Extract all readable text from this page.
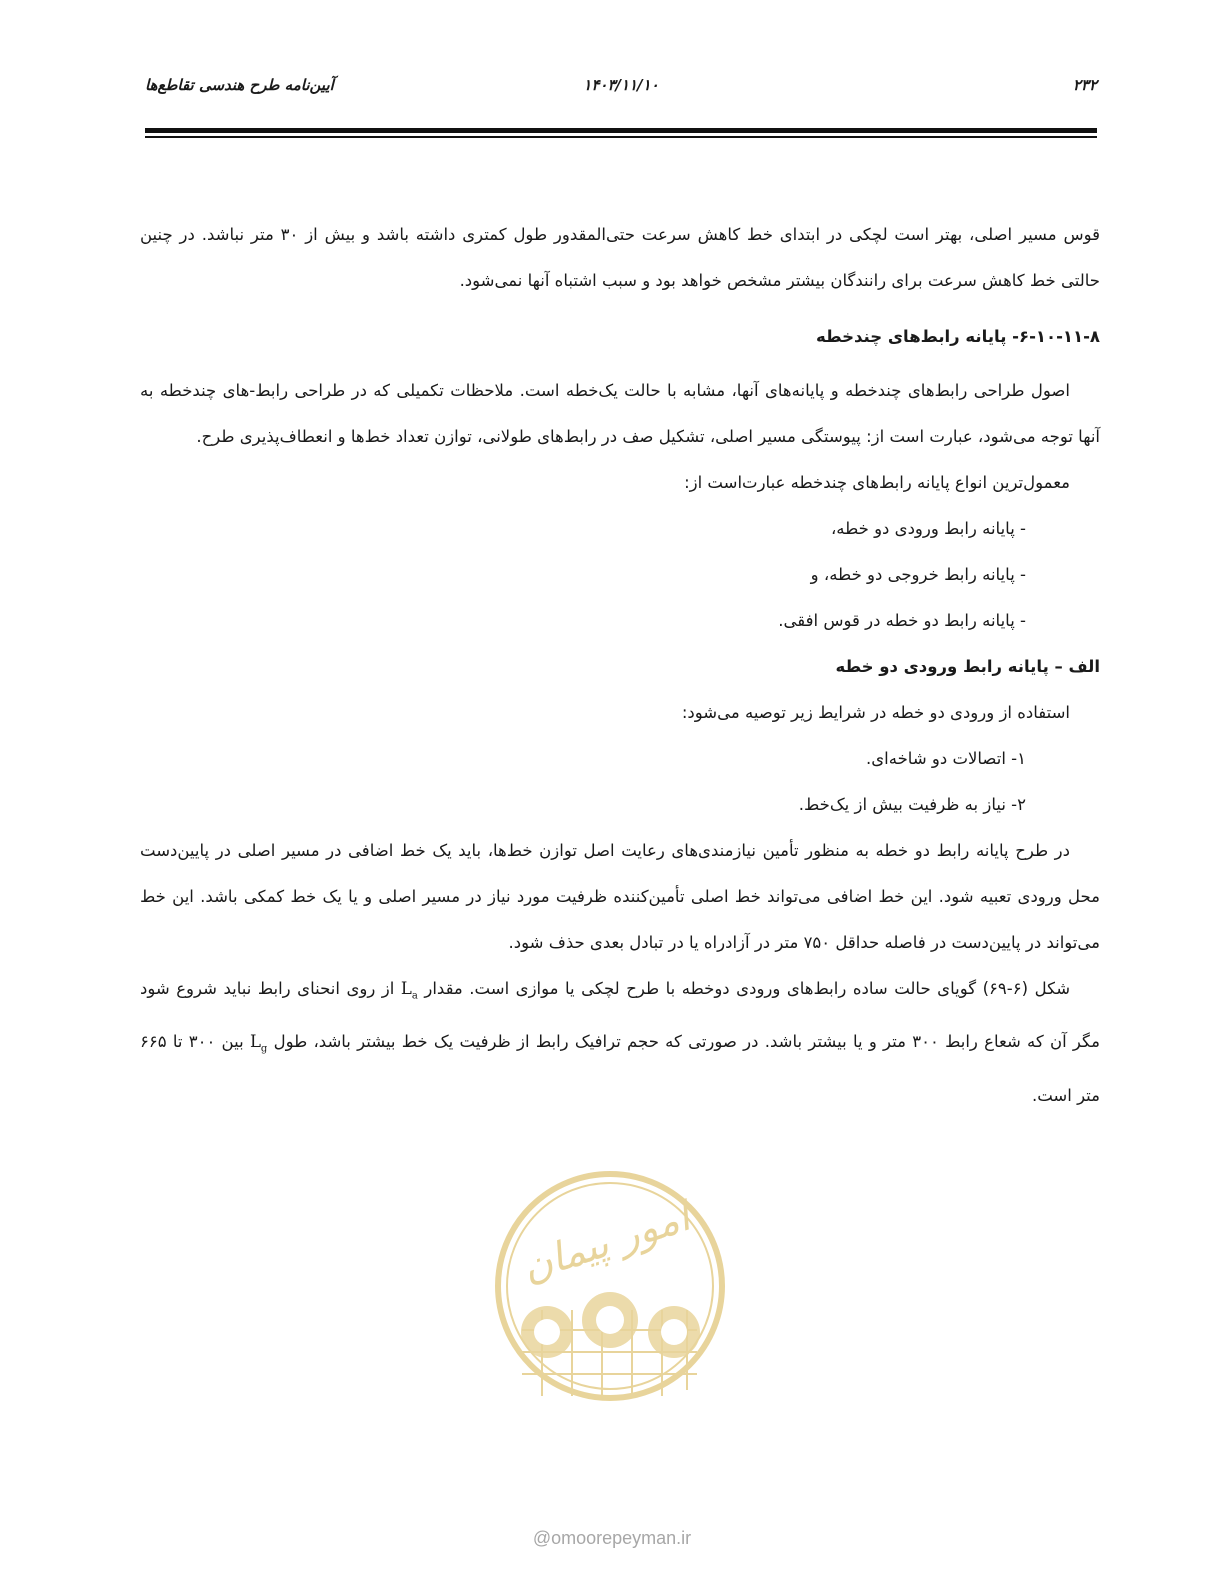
۲۳۲
۱۴۰۳/۱۱/۱۰
آیین‌نامه طرح هندسی تقاطع‌ها

قوس مسیر اصلی، بهتر است لچکی در ابتدای خط کاهش سرعت حتی‌المقدور طول کمتری داشته باشد و بیش از ۳۰ متر نباشد. در چنین حالتی خط کاهش سرعت برای رانندگان بیشتر مشخص خواهد بود و سبب اشتباه آنها نمی‌شود.

۶-۱۰-۱۱-۸- پایانه رابط‌های چندخطه

اصول طراحی رابط‌های چندخطه و پایانه‌های آنها، مشابه با حالت یک‌خطه است. ملاحظات تکمیلی که در طراحی رابط-های چندخطه به آنها توجه می‌شود، عبارت است از: پیوستگی مسیر اصلی، تشکیل صف در رابط‌های طولانی، توازن تعداد خط‌ها و انعطاف‌پذیری طرح.

معمول‌ترین انواع پایانه رابط‌های چندخطه عبارت‌است از:

- پایانه رابط ورودی دو خطه،

- پایانه رابط خروجی دو خطه، و

- پایانه رابط دو خطه در قوس افقی.

الف – پایانه رابط ورودی دو خطه

استفاده از ورودی دو خطه در شرایط زیر توصیه می‌شود:

۱- اتصالات دو شاخه‌ای.

۲- نیاز به ظرفیت بیش از یک‌خط.

در طرح پایانه رابط دو خطه به منظور تأمین نیازمندی‌های رعایت اصل توازن خط‌ها، باید یک خط اضافی در مسیر اصلی در پایین‌دست محل ورودی تعبیه شود. این خط اضافی می‌تواند خط اصلی تأمین‌کننده ظرفیت مورد نیاز در مسیر اصلی و یا یک خط کمکی باشد. این خط می‌تواند در پایین‌دست در فاصله حداقل ۷۵۰ متر در آزادراه یا در تبادل بعدی حذف شود.

شکل (۶-۶۹) گویای حالت ساده رابط‌های ورودی دوخطه با طرح لچکی یا موازی است. مقدار $L_a$ از روی انحنای رابط نباید شروع شود مگر آن که شعاع رابط ۳۰۰ متر و یا بیشتر باشد. در صورتی که حجم ترافیک رابط از ظرفیت یک خط بیشتر باشد، طول $L_g$ بین ۳۰۰ تا ۶۶۵ متر است.

امور پیمان
@omoorepeyman.ir
